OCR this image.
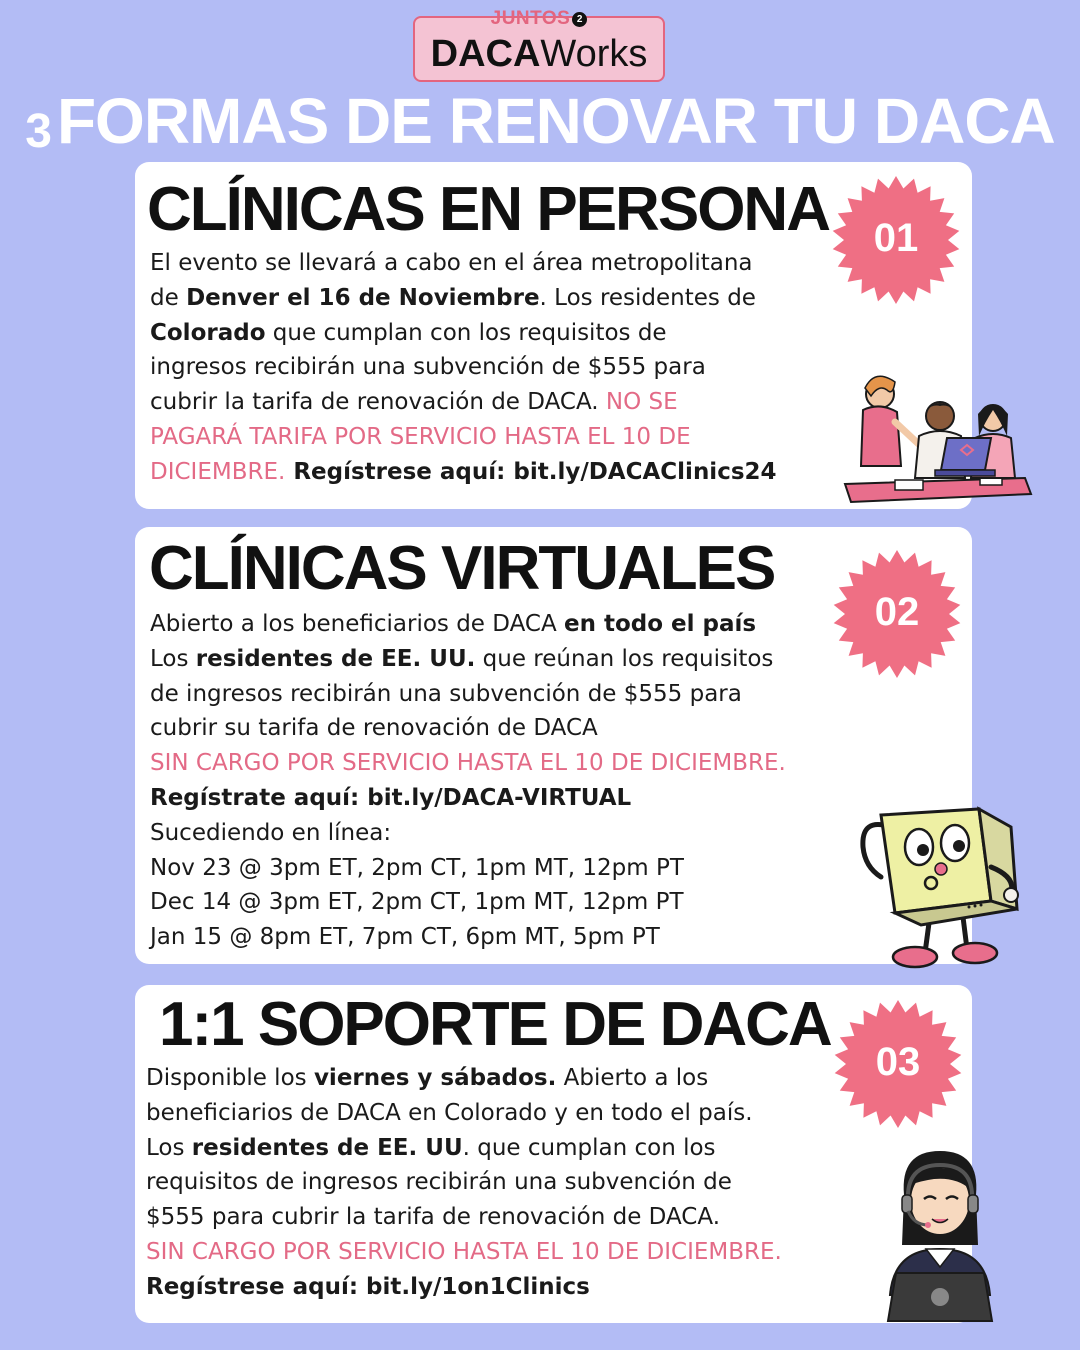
JUNTOS 2
DACAWorks
3FORMAS DE RENOVAR TU DACA
CLÍNICAS EN PERSONA
El evento se llevará a cabo en el área metropolitana
de Denver el 16 de Noviembre. Los residentes de
Colorado que cumplan con los requisitos de
ingresos recibirán una subvención de $555 para
cubrir la tarifa de renovación de DACA. NO SE
PAGARÁ TARIFA POR SERVICIO HASTA EL 10 DE
DICIEMBRE. Regístrese aquí: bit.ly/DACAClinics24
01
CLÍNICAS VIRTUALES
Abierto a los beneficiarios de DACA en todo el país
Los residentes de EE. UU. que reúnan los requisitos
de ingresos recibirán una subvención de $555 para
cubrir su tarifa de renovación de DACA
SIN CARGO POR SERVICIO HASTA EL 10 DE DICIEMBRE.
Regístrate aquí: bit.ly/DACA-VIRTUAL
Sucediendo en línea:
Nov 23 @ 3pm ET, 2pm CT, 1pm MT, 12pm PT
Dec 14 @ 3pm ET, 2pm CT, 1pm MT, 12pm PT
Jan 15 @ 8pm ET, 7pm CT, 6pm MT, 5pm PT
02
1:1 SOPORTE DE DACA
Disponible los viernes y sábados. Abierto a los
beneficiarios de DACA en Colorado y en todo el país.
Los residentes de EE. UU. que cumplan con los
requisitos de ingresos recibirán una subvención de
$555 para cubrir la tarifa de renovación de DACA.
SIN CARGO POR SERVICIO HASTA EL 10 DE DICIEMBRE.
Regístrese aquí: bit.ly/1on1Clinics
03
